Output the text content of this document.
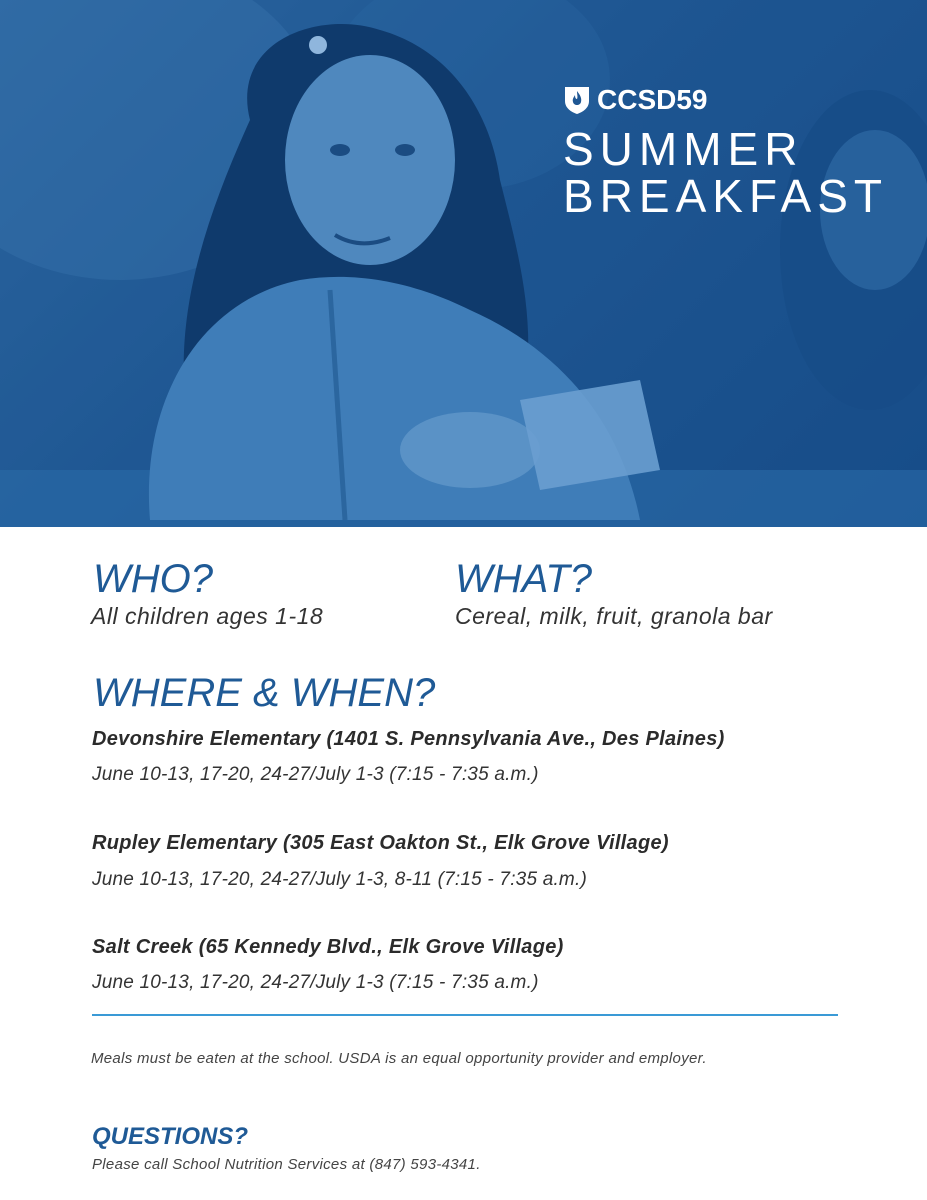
CCSD59
SUMMER
BREAKFAST
WHO?
All children ages 1-18
WHAT?
Cereal, milk, fruit, granola bar
WHERE & WHEN?
Devonshire Elementary (1401 S. Pennsylvania Ave., Des Plaines)
June 10-13, 17-20, 24-27/July 1-3 (7:15 - 7:35 a.m.)
Rupley Elementary (305 East Oakton St., Elk Grove Village)
June 10-13, 17-20, 24-27/July 1-3, 8-11 (7:15 - 7:35 a.m.)
Salt Creek (65 Kennedy Blvd., Elk Grove Village)
June 10-13, 17-20, 24-27/July 1-3 (7:15 - 7:35 a.m.)
Meals must be eaten at the school. USDA is an equal opportunity provider and employer.
QUESTIONS?
Please call School Nutrition Services at (847) 593-4341.
